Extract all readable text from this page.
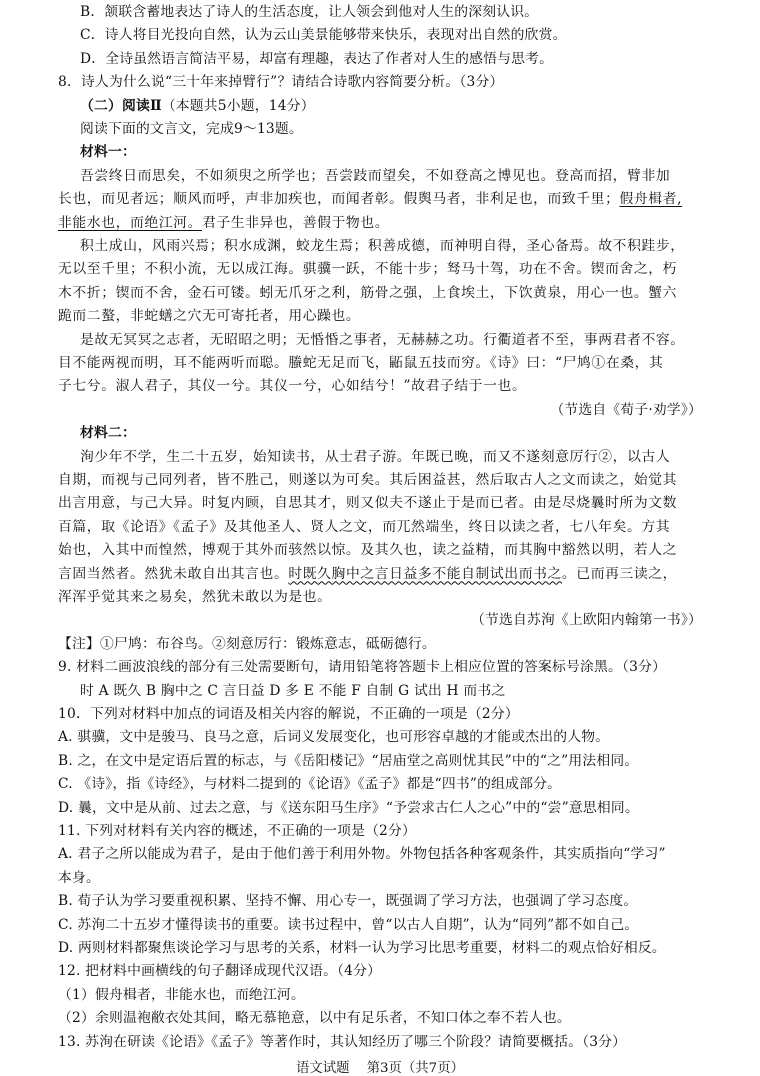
B．颔联含蓄地表达了诗人的生活态度，让人领会到他对人生的深刻认识。
C．诗人将目光投向自然，认为云山美景能够带来快乐，表现对出自然的欣赏。
D．全诗虽然语言简洁平易，却富有理趣，表达了作者对人生的感悟与思考。
8．诗人为什么说“三十年来掉臂行”？请结合诗歌内容简要分析。（3分）
（二）阅读Ⅱ（本题共5小题，14分）
阅读下面的文言文，完成9～13题。
材料一：
吾尝终日而思矣，不如须臾之所学也；吾尝跂而望矣，不如登高之博见也。登高而招，臂非加
长也，而见者远；顺风而呼，声非加疾也，而闻者彰。假舆马者，非利足也，而致千里；假舟楫者,
非能水也，而绝江河。君子生非异也，善假于物也。
积土成山，风雨兴焉；积水成渊，蛟龙生焉；积善成德，而神明自得，圣心备焉。故不积跬步，
无以至千里；不积小流，无以成江海。骐骥一跃，不能十步；驽马十驾，功在不舍。锲而舍之，朽
木不折；锲而不舍，金石可镂。蚓无爪牙之利，筋骨之强，上食埃土，下饮黄泉，用心一也。蟹六
跪而二螯，非蛇蟮之穴无可寄托者，用心躁也。
是故无冥冥之志者，无昭昭之明；无惛惛之事者，无赫赫之功。行衢道者不至，事两君者不容。
目不能两视而明，耳不能两听而聪。螣蛇无足而飞，鼫鼠五技而穷。《诗》曰：“尸鸠①在桑，其
子七兮。淑人君子，其仪一兮。其仪一兮，心如结兮！”故君子结于一也。
（节选自《荀子·劝学》）
材料二：
洵少年不学，生二十五岁，始知读书，从士君子游。年既已晚，而又不遂刻意厉行②，以古人
自期，而视与己同列者，皆不胜己，则遂以为可矣。其后困益甚，然后取古人之文而读之，始觉其
出言用意，与己大异。时复内顾，自思其才，则又似夫不遂止于是而已者。由是尽烧曩时所为文数
百篇，取《论语》《孟子》及其他圣人、贤人之文，而兀然端坐，终日以读之者，七八年矣。方其
始也，入其中而惶然，博观于其外而骇然以惊。及其久也，读之益精，而其胸中豁然以明，若人之
言固当然者。然犹未敢自出其言也。时既久胸中之言日益多不能自制试出而书之。已而再三读之，
浑浑乎觉其来之易矣，然犹未敢以为是也。
（节选自苏洵《上欧阳内翰第一书》）
【注】①尸鸠：布谷鸟。②刻意厉行：锻炼意志，砥砺德行。
9. 材料二画波浪线的部分有三处需要断句，请用铅笔将答题卡上相应位置的答案标号涂黑。（3分）
时 A 既久 B 胸中之 C 言日益 D 多 E 不能 F 自制 G 试出 H 而书之
10．下列对材料中加点的词语及相关内容的解说，不正确的一项是（2分）
A. 骐骥，文中是骏马、良马之意，后词义发展变化，也可形容卓越的才能或杰出的人物。
B. 之，在文中是定语后置的标志，与《岳阳楼记》“居庙堂之高则忧其民”中的“之”用法相同。
C. 《诗》，指《诗经》，与材料二提到的《论语》《孟子》都是“四书”的组成部分。
D. 曩，文中是从前、过去之意，与《送东阳马生序》“予尝求古仁人之心”中的“尝”意思相同。
11. 下列对材料有关内容的概述，不正确的一项是（2分）
A. 君子之所以能成为君子，是由于他们善于利用外物。外物包括各种客观条件，其实质指向“学习”
本身。
B. 荀子认为学习要重视积累、坚持不懈、用心专一，既强调了学习方法，也强调了学习态度。
C. 苏洵二十五岁才懂得读书的重要。读书过程中，曾“以古人自期”，认为“同列”都不如自己。
D. 两则材料都聚焦谈论学习与思考的关系，材料一认为学习比思考重要，材料二的观点恰好相反。
12. 把材料中画横线的句子翻译成现代汉语。（4分）
（1）假舟楫者，非能水也，而绝江河。
（2）余则温袍敝衣处其间，略无慕艳意，以中有足乐者，不知口体之奉不若人也。
13. 苏洵在研读《论语》《孟子》等著作时，其认知经历了哪三个阶段？请简要概括。（3分）
语文试题 第3页（共7页）
